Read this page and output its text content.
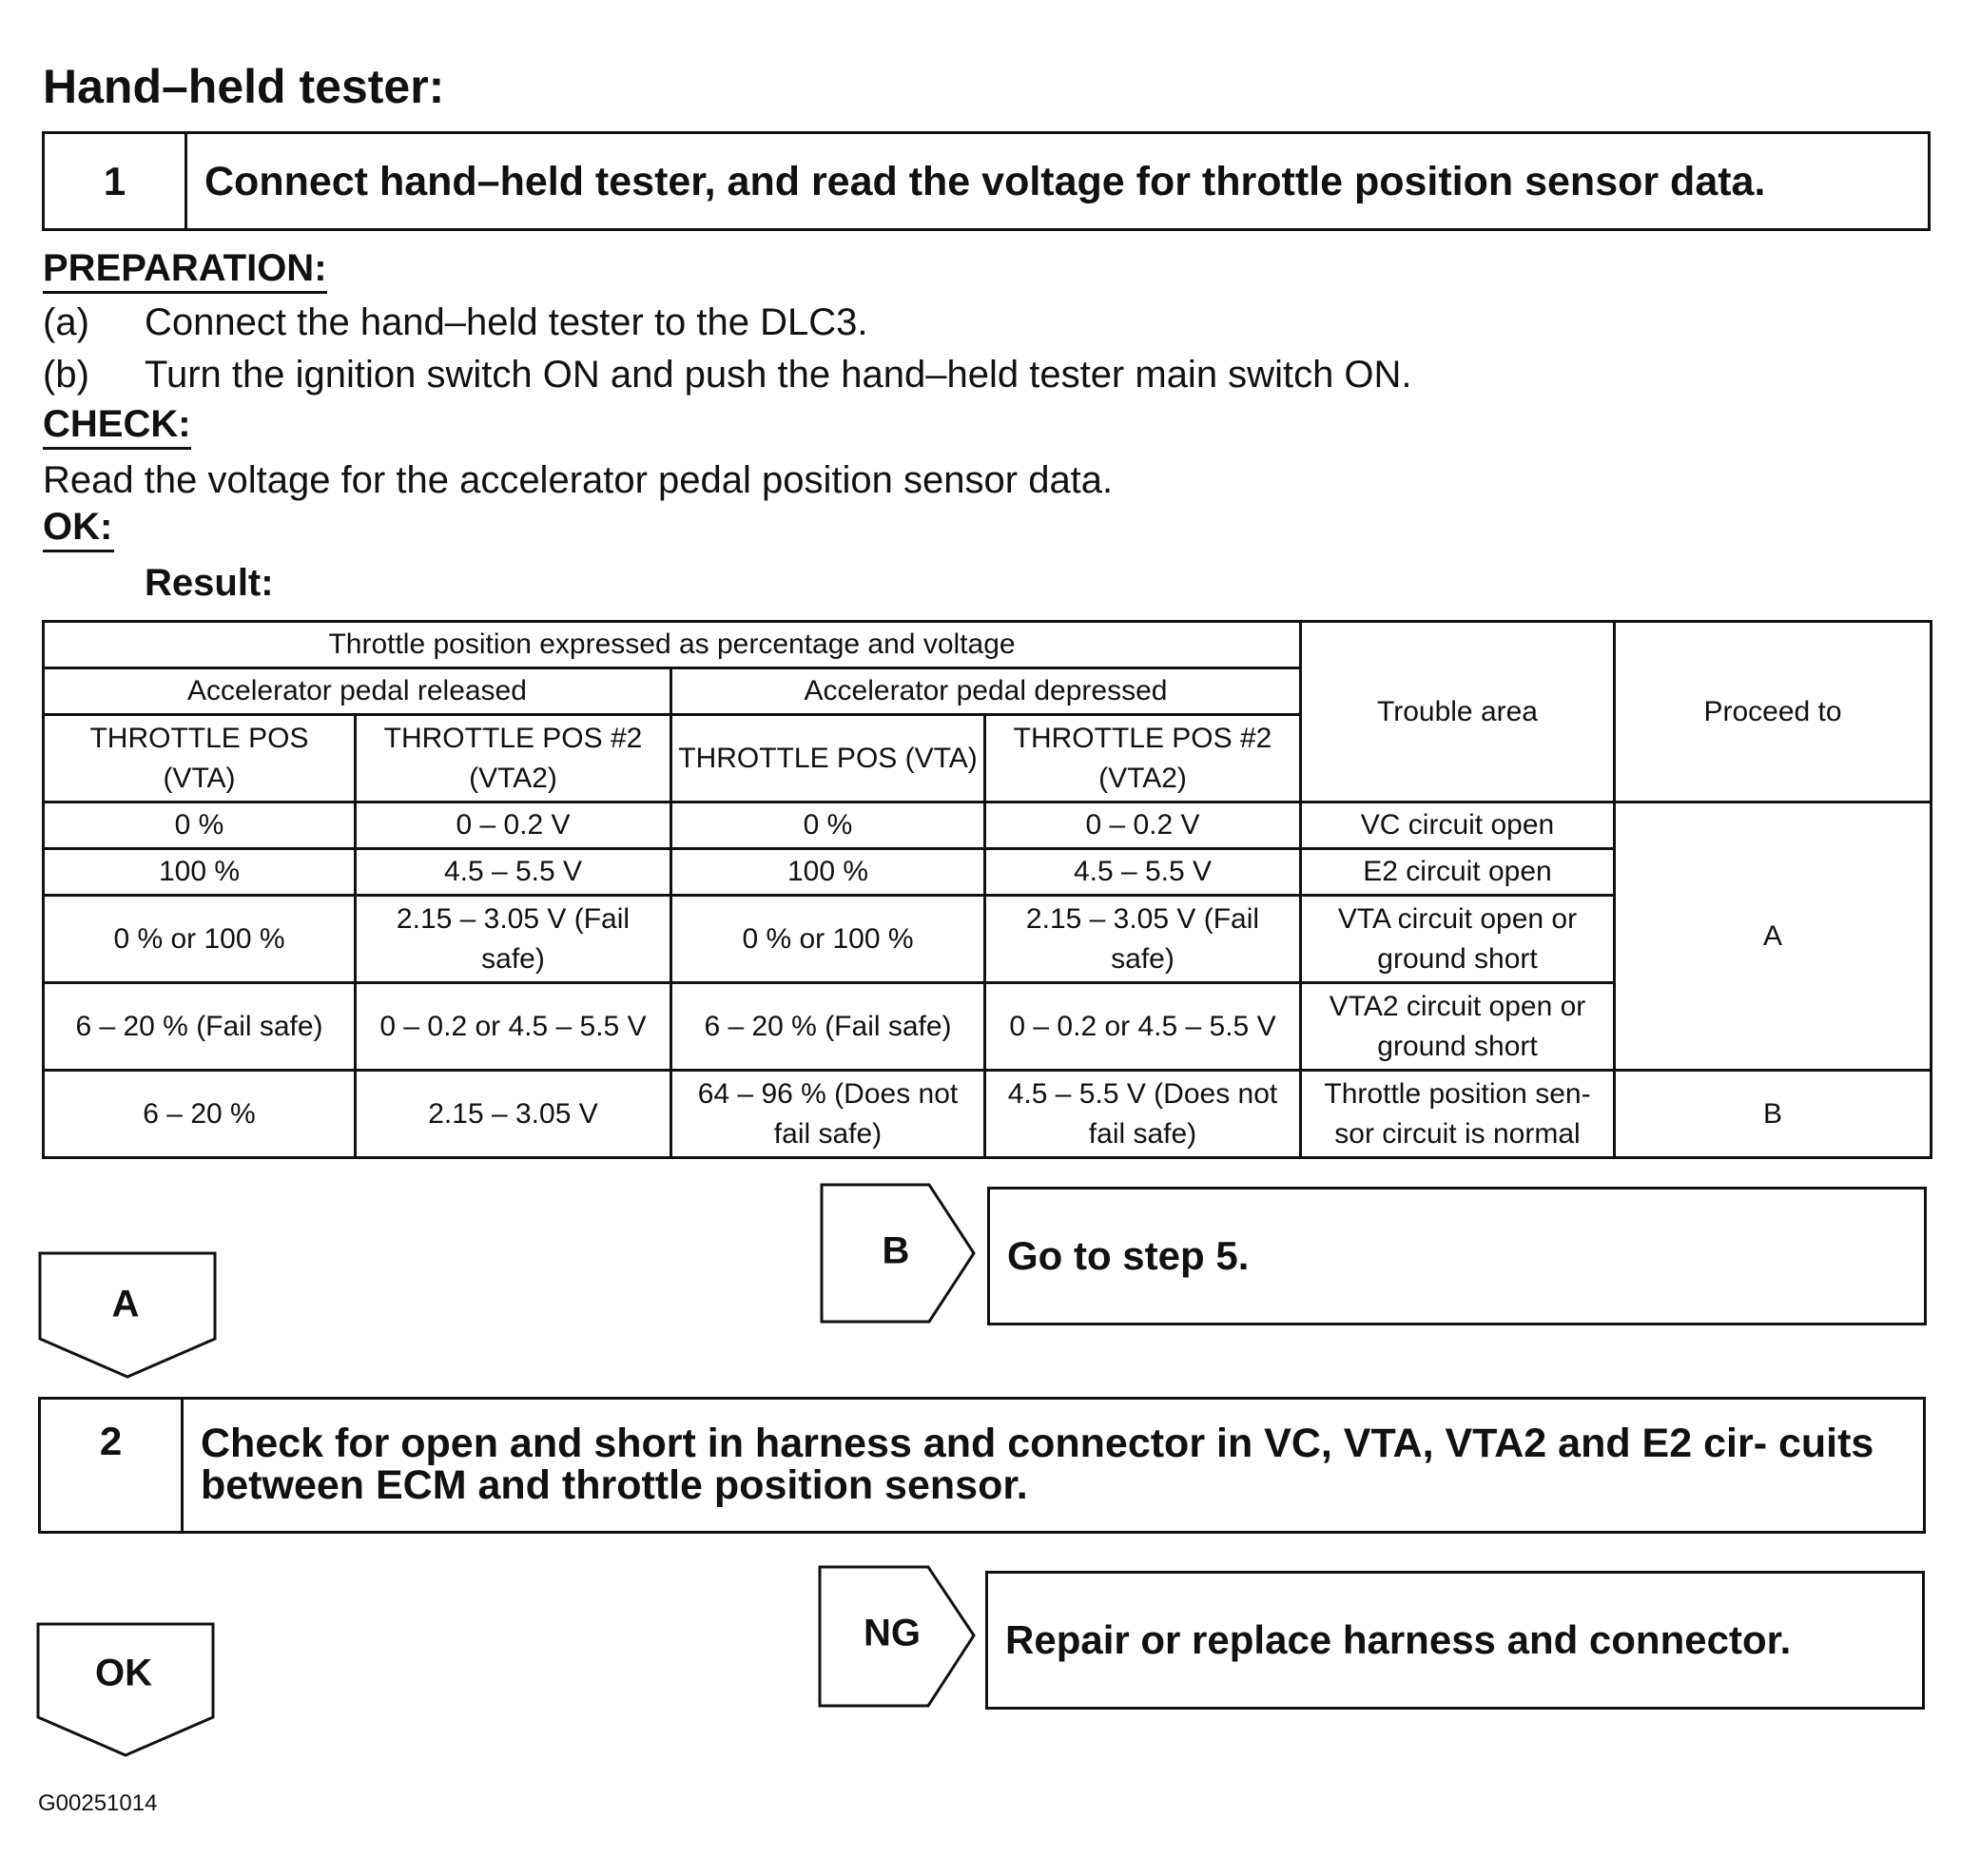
Hand–held tester:
1	Connect hand–held tester, and read the voltage for throttle position sensor data.
PREPARATION:
(a) Connect the hand–held tester to the DLC3.
(b) Turn the ignition switch ON and push the hand–held tester main switch ON.
CHECK:
Read the voltage for the accelerator pedal position sensor data.
OK:
Result:
Throttle position expressed as percentage and voltage				Trouble area	Proceed to
Accelerator pedal released		Accelerator pedal depressed			
THROTTLE POS (VTA)	THROTTLE POS #2 (VTA2)	THROTTLE POS (VTA)	THROTTLE POS #2 (VTA2)		
0 %	0 – 0.2 V	0 %	0 – 0.2 V	VC circuit open	A
100 %	4.5 – 5.5 V	100 %	4.5 – 5.5 V	E2 circuit open	
0 % or 100 %	2.15 – 3.05 V (Fail safe)	0 % or 100 %	2.15 – 3.05 V (Fail safe)	VTA circuit open or ground short	
6 – 20 % (Fail safe)	0 – 0.2 or 4.5 – 5.5 V	6 – 20 % (Fail safe)	0 – 0.2 or 4.5 – 5.5 V	VTA2 circuit open or ground short	
6 – 20 %	2.15 – 3.05 V	64 – 96 % (Does not fail safe)	4.5 – 5.5 V (Does not fail safe)	Throttle position sen- sor circuit is normal	B
B Go to step 5.
A
2	Check for open and short in harness and connector in VC, VTA, VTA2 and E2 cir- cuits between ECM and throttle position sensor.
NG Repair or replace harness and connector.
OK
G00251014
